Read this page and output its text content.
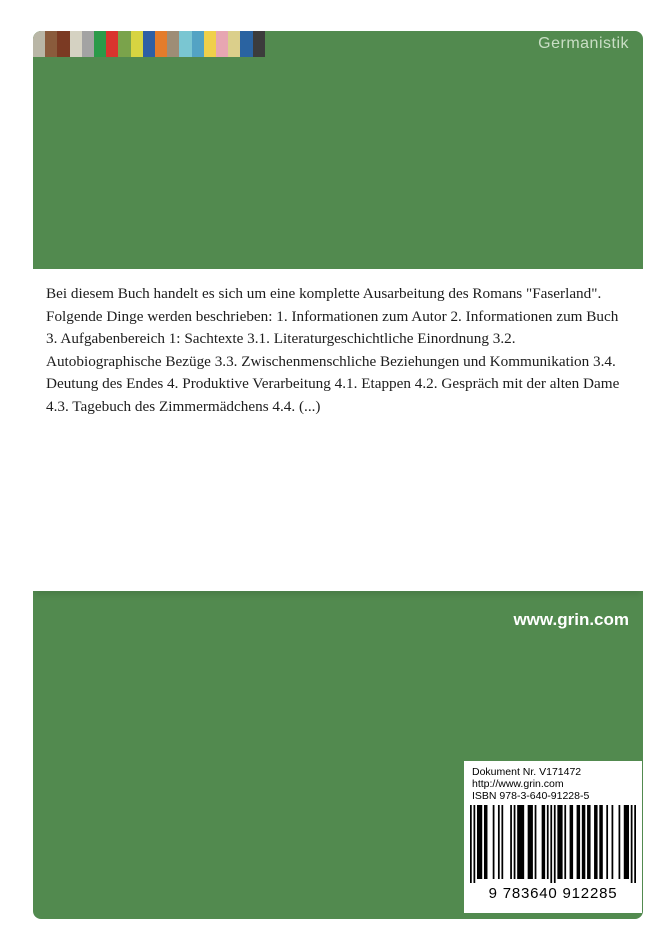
Germanistik

Bei diesem Buch handelt es sich um eine komplette Ausarbeitung des Romans "Faserland". Folgende Dinge werden beschrieben: 1. Informationen zum Autor 2. Informationen zum Buch 3. Aufgabenbereich 1: Sachtexte 3.1. Literaturgeschichtliche Einordnung 3.2. Autobiographische Bezüge 3.3. Zwischenmenschliche Beziehungen und Kommunikation 3.4. Deutung des Endes 4. Produktive Verarbeitung 4.1. Etappen 4.2. Gespräch mit der alten Dame 4.3. Tagebuch des Zimmermädchens 4.4. (...)

www.grin.com
Dokument Nr. V171472
http://www.grin.com
ISBN 978-3-640-91228-5
9 783640 912285
